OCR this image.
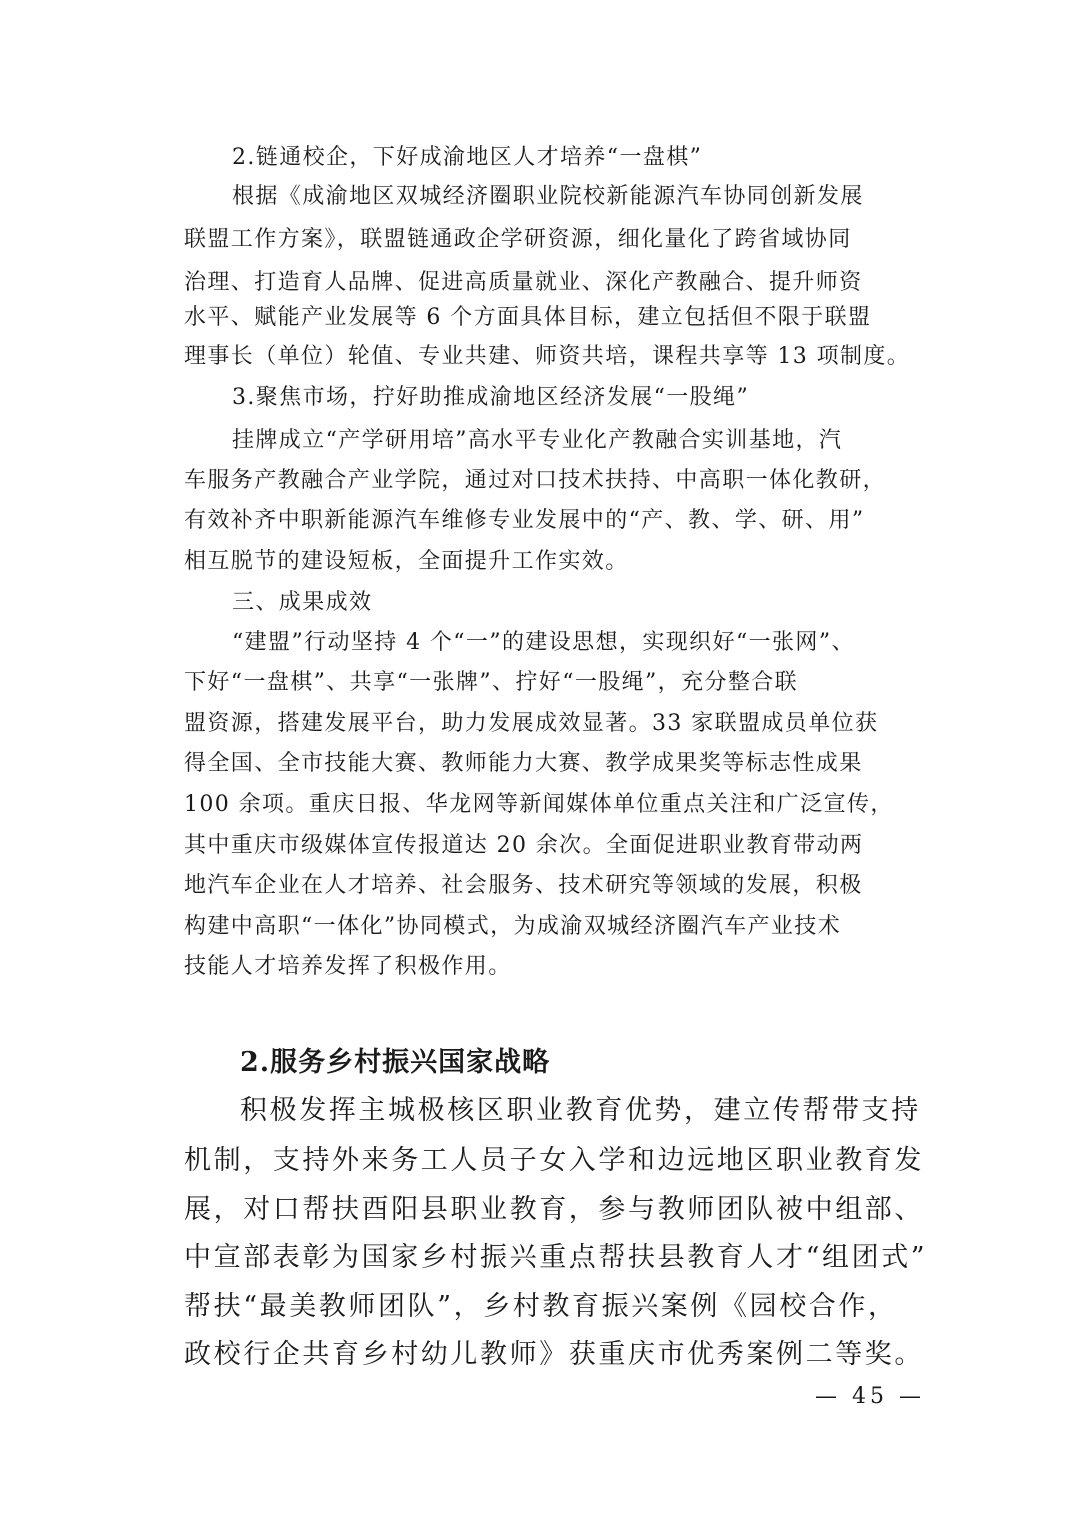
2.链通校企，下好成渝地区人才培养“一盘棋”
根据《成渝地区双城经济圈职业院校新能源汽车协同创新发展
联盟工作方案》，联盟链通政企学研资源，细化量化了跨省域协同
治理、打造育人品牌、促进高质量就业、深化产教融合、提升师资
水平、赋能产业发展等 6 个方面具体目标，建立包括但不限于联盟
理事长（单位）轮值、专业共建、师资共培，课程共享等 13 项制度。
3.聚焦市场，拧好助推成渝地区经济发展“一股绳”
挂牌成立“产学研用培”高水平专业化产教融合实训基地，汽
车服务产教融合产业学院，通过对口技术扶持、中高职一体化教研，
有效补齐中职新能源汽车维修专业发展中的“产、教、学、研、用”
相互脱节的建设短板，全面提升工作实效。
三、成果成效
“建盟”行动坚持 4 个“一”的建设思想，实现织好“一张网”、
下好“一盘棋”、共享“一张牌”、拧好“一股绳”，充分整合联
盟资源，搭建发展平台，助力发展成效显著。33 家联盟成员单位获
得全国、全市技能大赛、教师能力大赛、教学成果奖等标志性成果
100 余项。重庆日报、华龙网等新闻媒体单位重点关注和广泛宣传，
其中重庆市级媒体宣传报道达 20 余次。全面促进职业教育带动两
地汽车企业在人才培养、社会服务、技术研究等领域的发展，积极
构建中高职“一体化”协同模式，为成渝双城经济圈汽车产业技术
技能人才培养发挥了积极作用。
2.服务乡村振兴国家战略
积极发挥主城极核区职业教育优势，建立传帮带支持
机制，支持外来务工人员子女入学和边远地区职业教育发
展，对口帮扶酉阳县职业教育，参与教师团队被中组部、
中宣部表彰为国家乡村振兴重点帮扶县教育人才“组团式”
帮扶“最美教师团队”，乡村教育振兴案例《园校合作，
政校行企共育乡村幼儿教师》获重庆市优秀案例二等奖。
— 45 —
